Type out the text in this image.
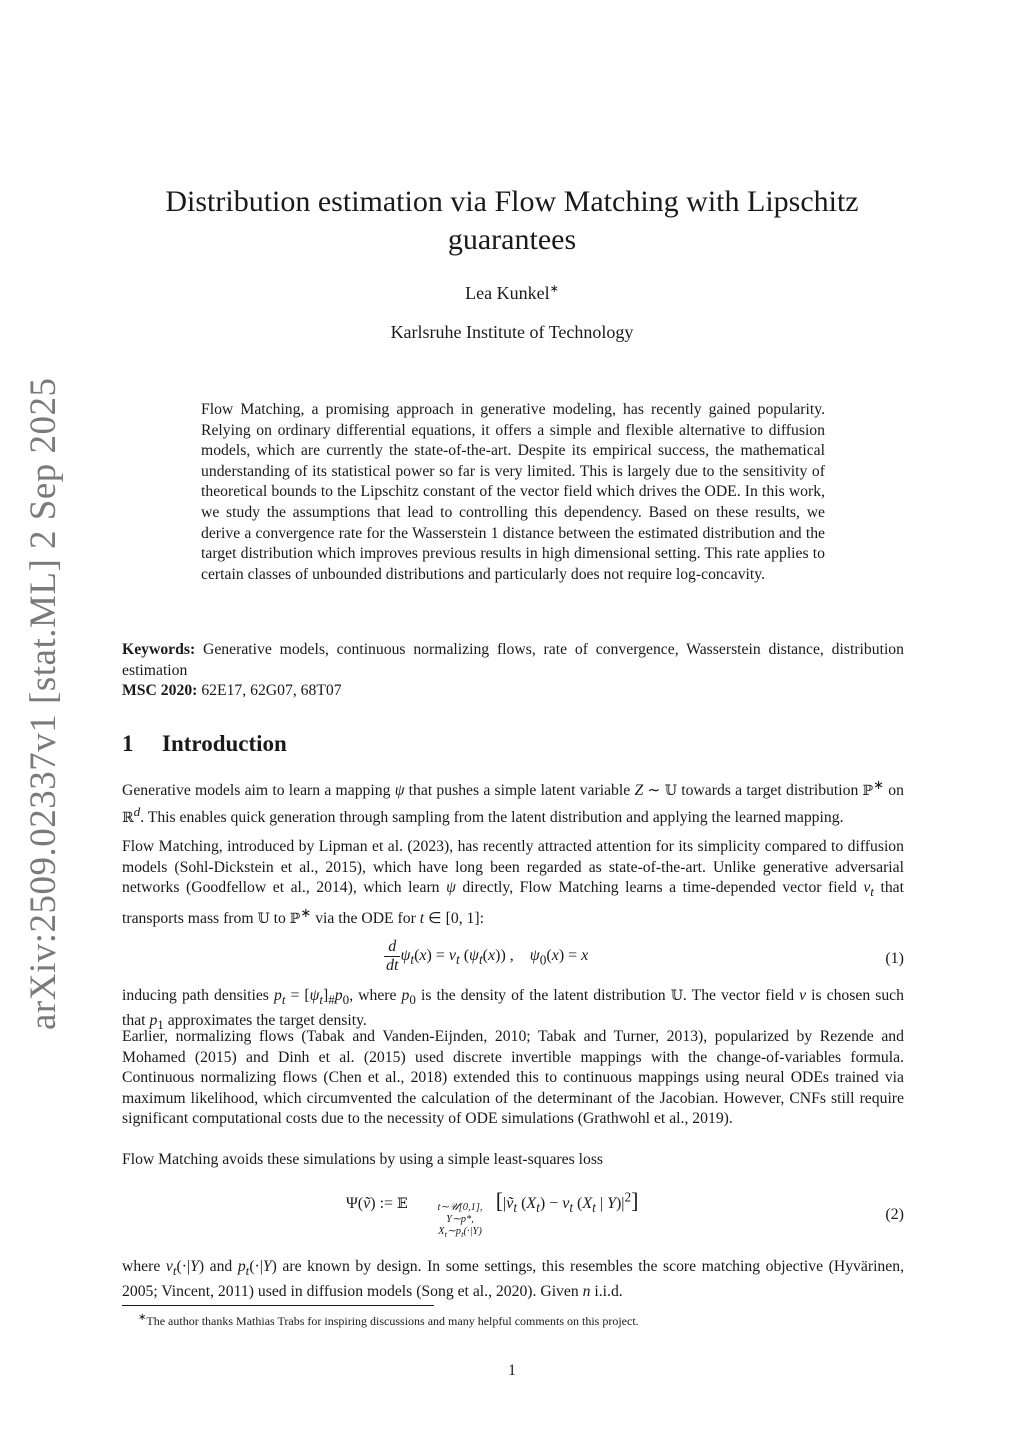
arXiv:2509.02337v1 [stat.ML] 2 Sep 2025
Distribution estimation via Flow Matching with Lipschitz guarantees
Lea Kunkel∗
Karlsruhe Institute of Technology

Flow Matching, a promising approach in generative modeling, has recently gained popularity. Relying on ordinary differential equations, it offers a simple and flexible alternative to diffusion models, which are currently the state-of-the-art. Despite its empirical success, the mathematical understanding of its statistical power so far is very limited. This is largely due to the sensitivity of theoretical bounds to the Lipschitz constant of the vector field which drives the ODE. In this work, we study the assumptions that lead to controlling this dependency. Based on these results, we derive a convergence rate for the Wasserstein 1 distance between the estimated distribution and the target distribution which improves previous results in high dimensional setting. This rate applies to certain classes of unbounded distributions and particularly does not require log-concavity.

Keywords: Generative models, continuous normalizing flows, rate of convergence, Wasserstein distance, distribution estimation
MSC 2020: 62E17, 62G07, 68T07
1 Introduction

Generative models aim to learn a mapping ψ that pushes a simple latent variable Z ∼ 𝕌 towards a target distribution ℙ∗ on ℝ$^d$. This enables quick generation through sampling from the latent distribution and applying the learned mapping.

Flow Matching, introduced by Lipman et al. (2023), has recently attracted attention for its simplicity compared to diffusion models (Sohl-Dickstein et al., 2015), which have long been regarded as state-of-the-art. Unlike generative adversarial networks (Goodfellow et al., 2014), which learn ψ directly, Flow Matching learns a time-depended vector field $v_t$ that transports mass from 𝕌 to ℙ∗ via the ODE for t ∈ [0, 1]:

$\frac{d}{dt} \psi_t(x) = v_t$ $(\psi_t(x))$ ,    $\psi_0(x) = x$	(1)

inducing path densities $p_t = [\psi_t]_{\#}p_0$, where $p_0$ is the density of the latent distribution 𝕌. The vector field v is chosen such that $p_1$ approximates the target density.

Earlier, normalizing flows (Tabak and Vanden-Eijnden, 2010; Tabak and Turner, 2013), popularized by Rezende and Mohamed (2015) and Dinh et al. (2015) used discrete invertible mappings with the change-of-variables formula. Continuous normalizing flows (Chen et al., 2018) extended this to continuous mappings using neural ODEs trained via maximum likelihood, which circumvented the calculation of the determinant of the Jacobian. However, CNFs still require significant computational costs due to the necessity of ODE simulations (Grathwohl et al., 2019).

Flow Matching avoids these simulations by using a simple least-squares loss

Ψ(ṽ) := 𝔼	[|ṽ$_t$ $(X_t) - v_t$ ($X_t$ | $Y)|^2$]
t∼𝒰[0,1],
Y∼p*,
$X_t\sim p_t(\cdot|Y)$
(2)

where $v_t(\cdot|Y)$ and $p_t(\cdot|Y)$ are known by design. In some settings, this resembles the score matching objective (Hyvärinen, 2005; Vincent, 2011) used in diffusion models (Song et al., 2020). Given n i.i.d.

∗The author thanks Mathias Trabs for inspiring discussions and many helpful comments on this project.
1
